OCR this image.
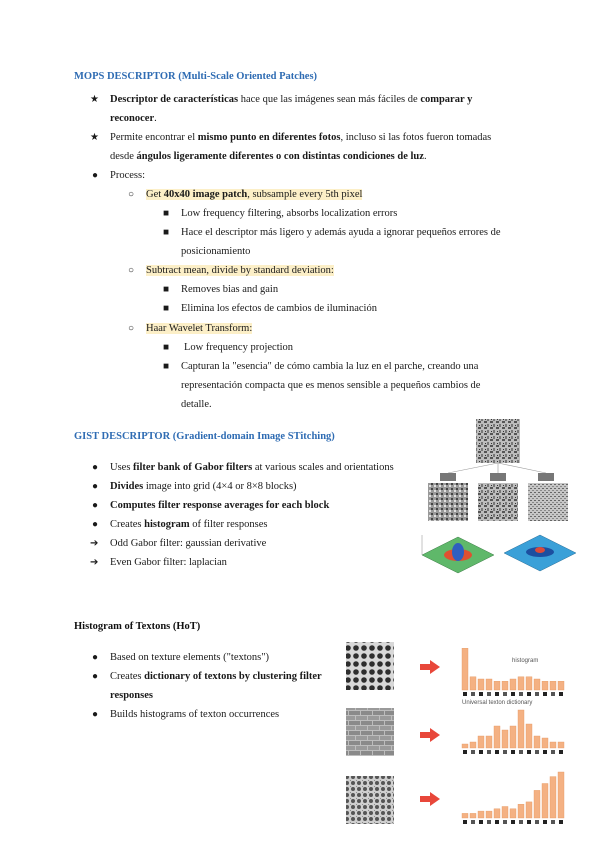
MOPS DESCRIPTOR (Multi-Scale Oriented Patches)
★ Descriptor de características hace que las imágenes sean más fáciles de comparar y
reconocer.
★ Permite encontrar el mismo punto en diferentes fotos, incluso si las fotos fueron tomadas
desde ángulos ligeramente diferentes o con distintas condiciones de luz.
● Process:
○ Get 40x40 image patch, subsample every 5th pixel
■ Low frequency filtering, absorbs localization errors
■ Hace el descriptor más ligero y además ayuda a ignorar pequeños errores de
posicionamiento
○ Subtract mean, divide by standard deviation:
■ Removes bias and gain
■ Elimina los efectos de cambios de iluminación
○ Haar Wavelet Transform:
■ Low frequency projection
■ Capturan la "esencia" de cómo cambia la luz en el parche, creando una
representación compacta que es menos sensible a pequeños cambios de
detalle.
GIST DESCRIPTOR (Gradient-domain Image STitching)
● Uses filter bank of Gabor filters at various scales and orientations
● Divides image into grid (4×4 or 8×8 blocks)
● Computes filter response averages for each block
● Creates histogram of filter responses
➔ Odd Gabor filter: gaussian derivative
➔ Even Gabor filter: laplacian
Histogram of Textons (HoT)
● Based on texture elements ("textons")
● Creates dictionary of textons by clustering filter
responses
● Builds histograms of texton occurrences
histogram
Universal texton dictionary
